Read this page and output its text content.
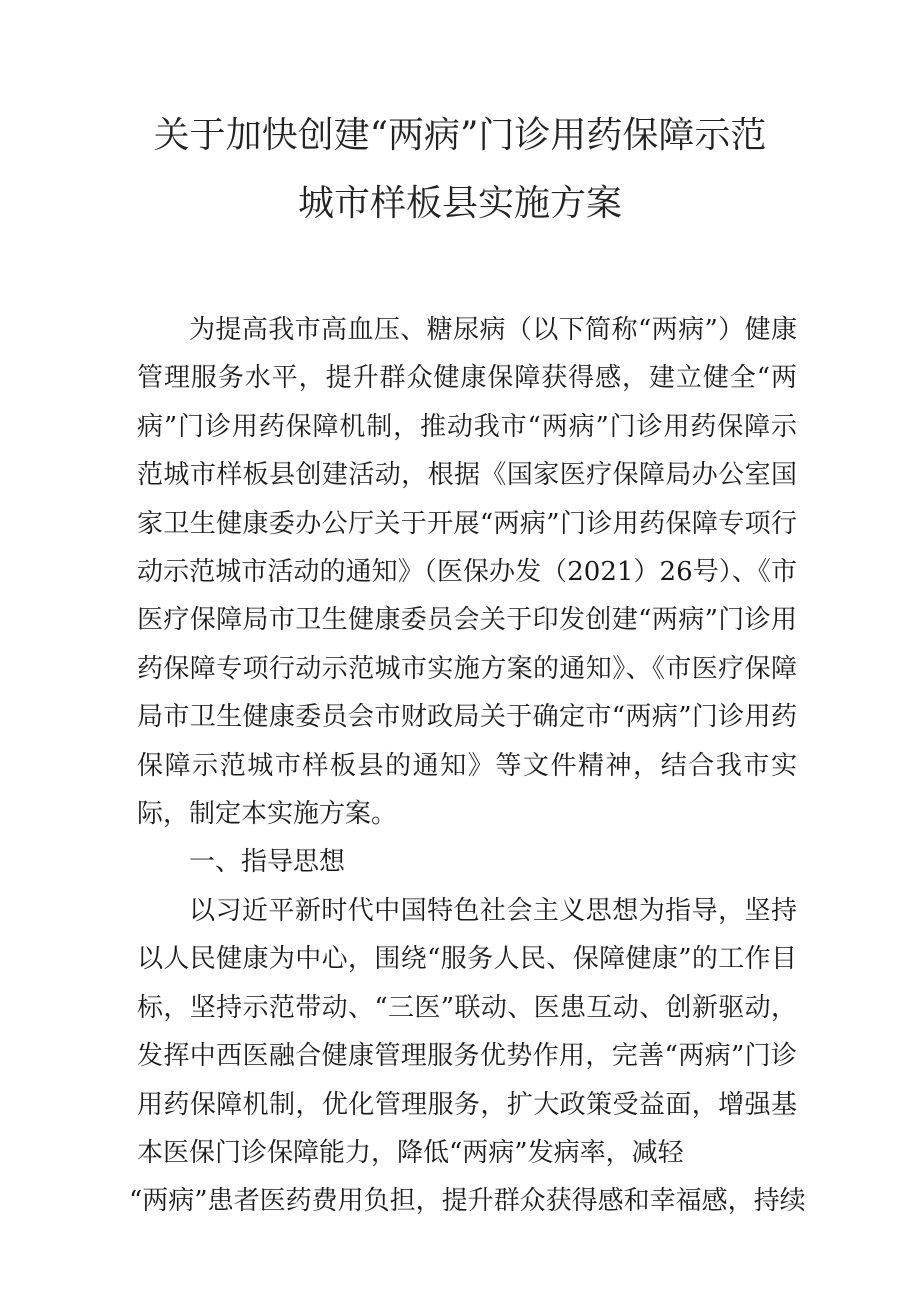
关于加快创建“两病”门诊用药保障示范
城市样板县实施方案

为提高我市高血压、糖尿病（以下简称“两病”）健康管理服务水平，提升群众健康保障获得感，建立健全“两病”门诊用药保障机制，推动我市“两病”门诊用药保障示范城市样板县创建活动，根据《国家医疗保障局办公室国家卫生健康委办公厅关于开展“两病”门诊用药保障专项行动示范城市活动的通知》（医保办发（2021）26号）、《市医疗保障局市卫生健康委员会关于印发创建“两病”门诊用药保障专项行动示范城市实施方案的通知》、《市医疗保障局市卫生健康委员会市财政局关于确定市“两病”门诊用药保障示范城市样板县的通知》等文件精神，结合我市实际，制定本实施方案。

一、指导思想

以习近平新时代中国特色社会主义思想为指导，坚持以人民健康为中心，围绕“服务人民、保障健康”的工作目标，坚持示范带动、“三医”联动、医患互动、创新驱动，发挥中西医融合健康管理服务优势作用，完善“两病”门诊用药保障机制，优化管理服务，扩大政策受益面，增强基本医保门诊保障能力，降低“两病”发病率，减轻

“两病”患者医药费用负担，提升群众获得感和幸福感，持续
